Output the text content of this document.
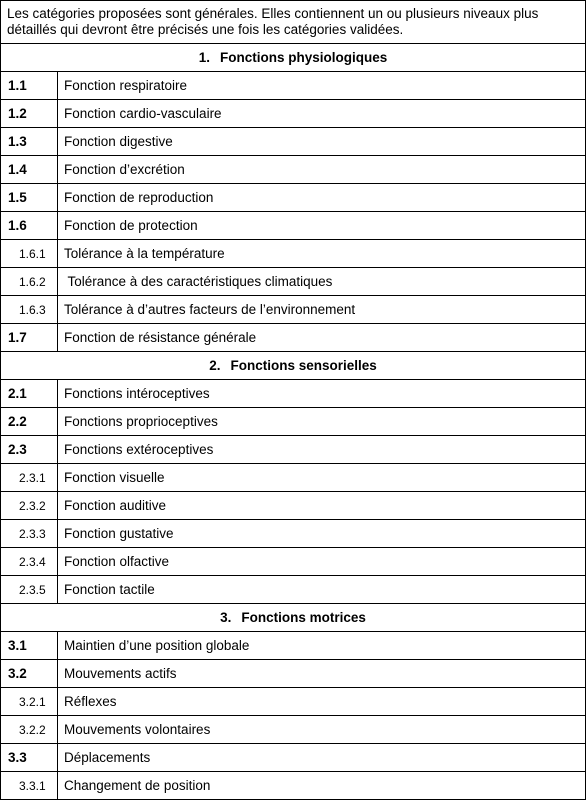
Les catégories proposées sont générales. Elles contiennent un ou plusieurs niveaux plus détaillés qui devront être précisés une fois les catégories validées.	
1. Fonctions physiologiques	
1.1	Fonction respiratoire
1.2	Fonction cardio-vasculaire
1.3	Fonction digestive
1.4	Fonction d’excrétion
1.5	Fonction de reproduction
1.6	Fonction de protection
1.6.1	Tolérance à la température
1.6.2	Tolérance à des caractéristiques climatiques
1.6.3	Tolérance à d’autres facteurs de l’environnement
1.7	Fonction de résistance générale
2. Fonctions sensorielles	
2.1	Fonctions intéroceptives
2.2	Fonctions proprioceptives
2.3	Fonctions extéroceptives
2.3.1	Fonction visuelle
2.3.2	Fonction auditive
2.3.3	Fonction gustative
2.3.4	Fonction olfactive
2.3.5	Fonction tactile
3. Fonctions motrices	
3.1	Maintien d’une position globale
3.2	Mouvements actifs
3.2.1	Réflexes
3.2.2	Mouvements volontaires
3.3	Déplacements
3.3.1	Changement de position
